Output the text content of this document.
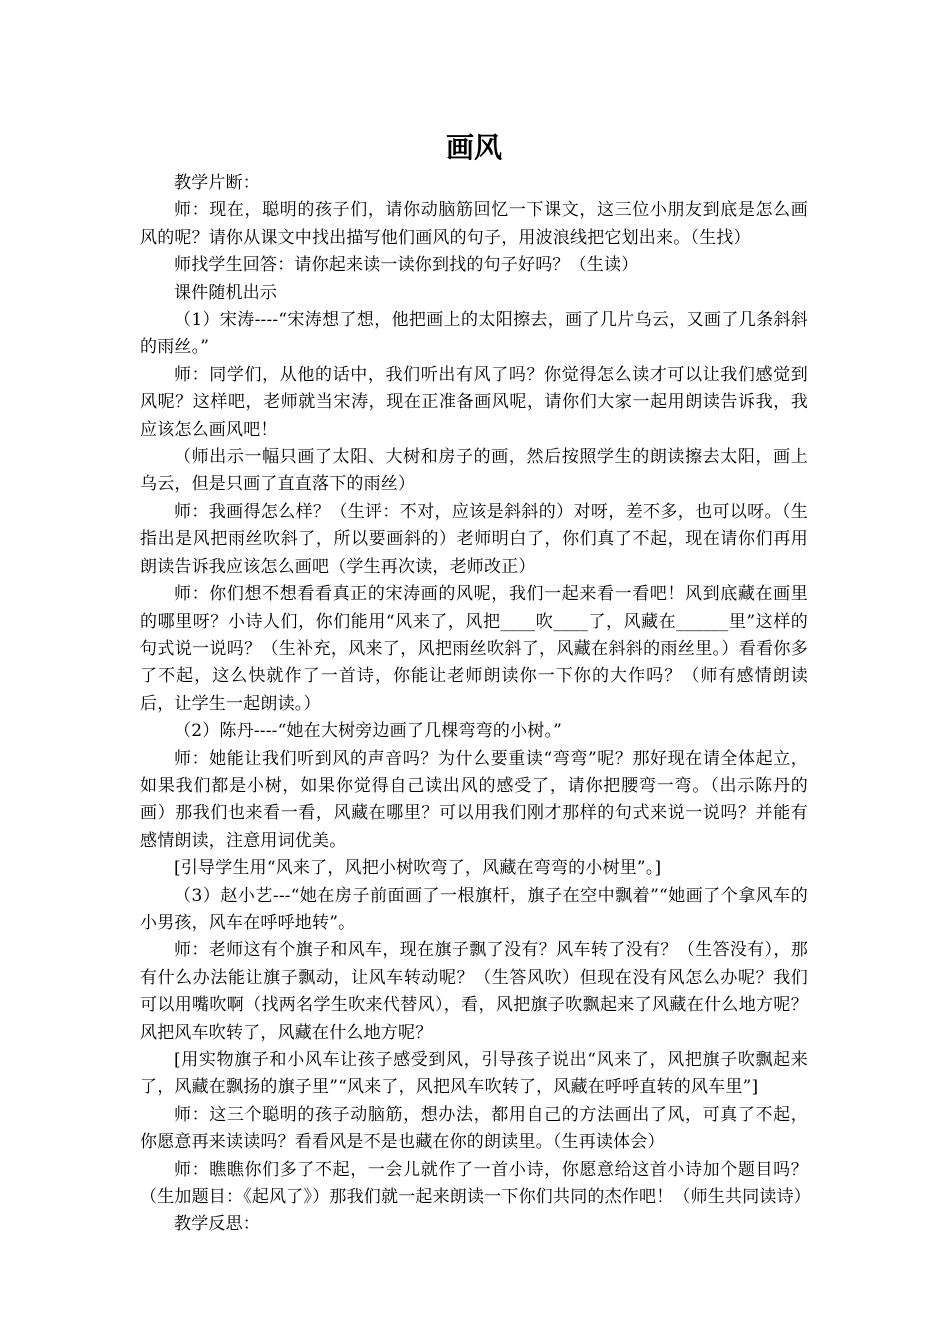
画风

教学片断：

师：现在，聪明的孩子们，请你动脑筋回忆一下课文，这三位小朋友到底是怎么画风的呢？请你从课文中找出描写他们画风的句子，用波浪线把它划出来。（生找）

师找学生回答：请你起来读一读你到找的句子好吗？（生读）

课件随机出示

（1）宋涛----“宋涛想了想，他把画上的太阳擦去，画了几片乌云，又画了几条斜斜的雨丝。”

师：同学们，从他的话中，我们听出有风了吗？你觉得怎么读才可以让我们感觉到风呢？这样吧，老师就当宋涛，现在正准备画风呢，请你们大家一起用朗读告诉我，我应该怎么画风吧！

（师出示一幅只画了太阳、大树和房子的画，然后按照学生的朗读擦去太阳，画上乌云，但是只画了直直落下的雨丝）

师：我画得怎么样？（生评：不对，应该是斜斜的）对呀，差不多，也可以呀。（生指出是风把雨丝吹斜了，所以要画斜的）老师明白了，你们真了不起，现在请你们再用朗读告诉我应该怎么画吧（学生再次读，老师改正）

师：你们想不想看看真正的宋涛画的风呢，我们一起来看一看吧！风到底藏在画里的哪里呀？小诗人们，你们能用“风来了，风把____吹____了，风藏在______里”这样的句式说一说吗？（生补充，风来了，风把雨丝吹斜了，风藏在斜斜的雨丝里。）看看你多了不起，这么快就作了一首诗，你能让老师朗读你一下你的大作吗？（师有感情朗读后，让学生一起朗读。）

（2）陈丹----“她在大树旁边画了几棵弯弯的小树。”

师：她能让我们听到风的声音吗？为什么要重读“弯弯”呢？那好现在请全体起立，如果我们都是小树，如果你觉得自己读出风的感受了，请你把腰弯一弯。（出示陈丹的画）那我们也来看一看，风藏在哪里？可以用我们刚才那样的句式来说一说吗？并能有感情朗读，注意用词优美。

[引导学生用“风来了，风把小树吹弯了，风藏在弯弯的小树里”。]

（3）赵小艺---“她在房子前面画了一根旗杆，旗子在空中飘着”“她画了个拿风车的小男孩，风车在呼呼地转”。

师：老师这有个旗子和风车，现在旗子飘了没有？风车转了没有？（生答没有），那有什么办法能让旗子飘动，让风车转动呢？（生答风吹）但现在没有风怎么办呢？我们可以用嘴吹啊（找两名学生吹来代替风），看，风把旗子吹飘起来了风藏在什么地方呢？风把风车吹转了，风藏在什么地方呢？

[用实物旗子和小风车让孩子感受到风，引导孩子说出“风来了，风把旗子吹飘起来了，风藏在飘扬的旗子里”“风来了，风把风车吹转了，风藏在呼呼直转的风车里”]

师：这三个聪明的孩子动脑筋，想办法，都用自己的方法画出了风，可真了不起，你愿意再来读读吗？看看风是不是也藏在你的朗读里。（生再读体会）

师：瞧瞧你们多了不起，一会儿就作了一首小诗，你愿意给这首小诗加个题目吗？（生加题目：《起风了》）那我们就一起来朗读一下你们共同的杰作吧！（师生共同读诗）

教学反思：
